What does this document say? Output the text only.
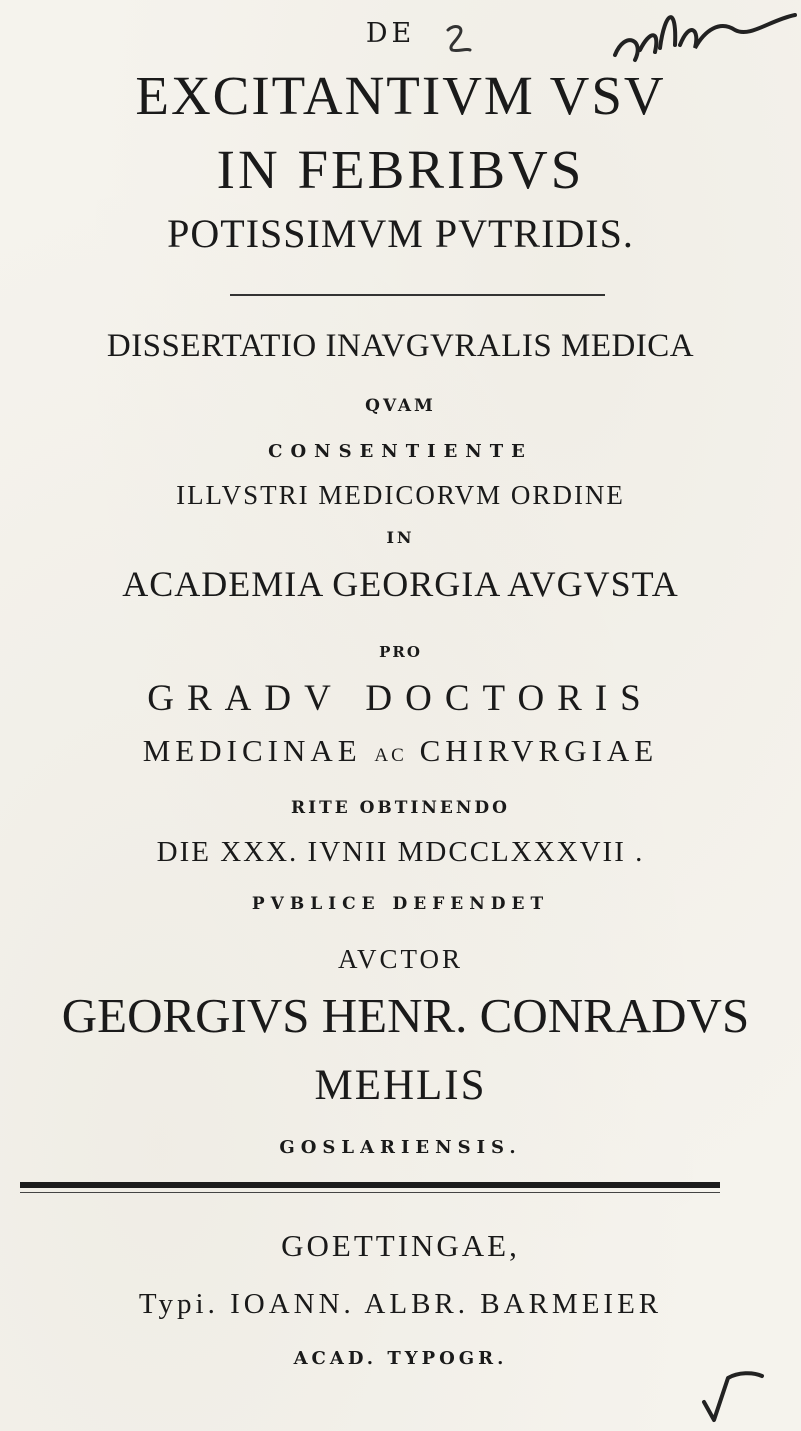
DE
EXCITANTIVM VSV
IN FEBRIBVS
POTISSIMVM PVTRIDIS.
DISSERTATIO INAVGVRALIS MEDICA
QVAM
CONSENTIENTE
ILLVSTRI MEDICORVM ORDINE
IN
ACADEMIA GEORGIA AVGVSTA
PRO
GRADV DOCTORIS
MEDICINAE AC CHIRVRGIAE
RITE OBTINENDO
DIE XXX. IVNII MDCCLXXXVII .
PVBLICE DEFENDET
AVCTOR
GEORGIVS HENR. CONRADVS
MEHLIS
GOSLARIENSIS.
GOETTINGAE,
Typi. IOANN. ALBR. BARMEIER
ACAD. TYPOGR.
